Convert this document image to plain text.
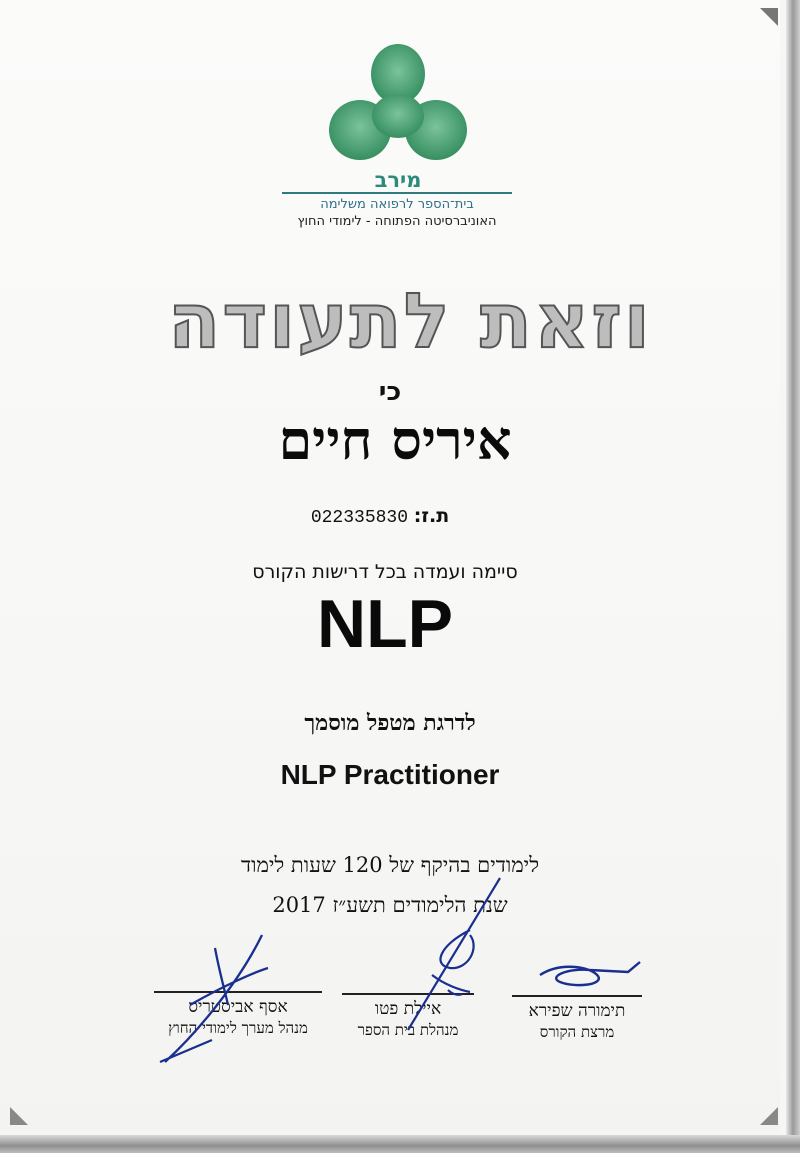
מירב
בית־הספר לרפואה משלימה
האוניברסיטה הפתוחה - לימודי החוץ
וזאת לתעודה
כי
איריס חיים
ת.ז: 022335830
סיימה ועמדה בכל דרישות הקורס
NLP
לדרגת מטפל מוסמך
NLP Practitioner
לימודים בהיקף של 120 שעות לימוד
שנת הלימודים תשע״ז 2017
תימורה שפירא
מרצת הקורס
איילת פטו
מנהלת בית הספר
אסף אביסטריס
מנהל מערך לימודי החוץ
